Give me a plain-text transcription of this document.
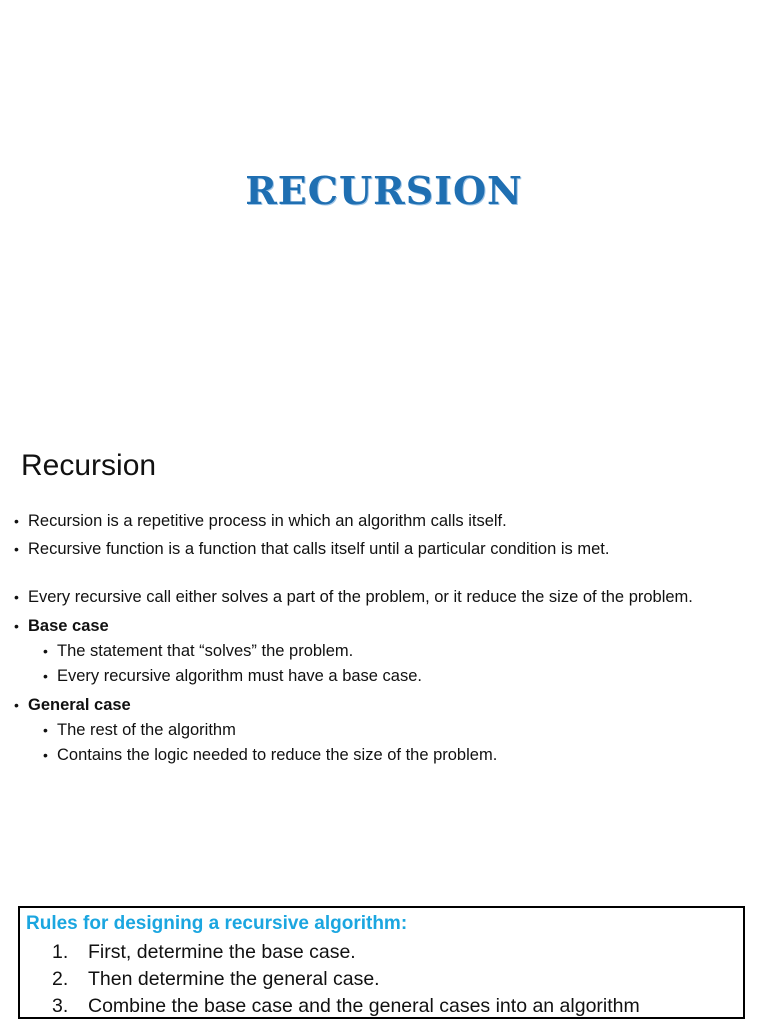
RECURSION
Recursion
• Recursion is a repetitive process in which an algorithm calls itself.
• Recursive function is a function that calls itself until a particular condition is met.
• Every recursive call either solves a part of the problem, or it reduce the size of the problem.
• Base case
• The statement that “solves” the problem.
• Every recursive algorithm must have a base case.
• General case
• The rest of the algorithm
• Contains the logic needed to reduce the size of the problem.
Rules for designing a recursive algorithm:
1.	First, determine the base case.
2.	Then determine the general case.
3.	Combine the base case and the general cases into an algorithm
